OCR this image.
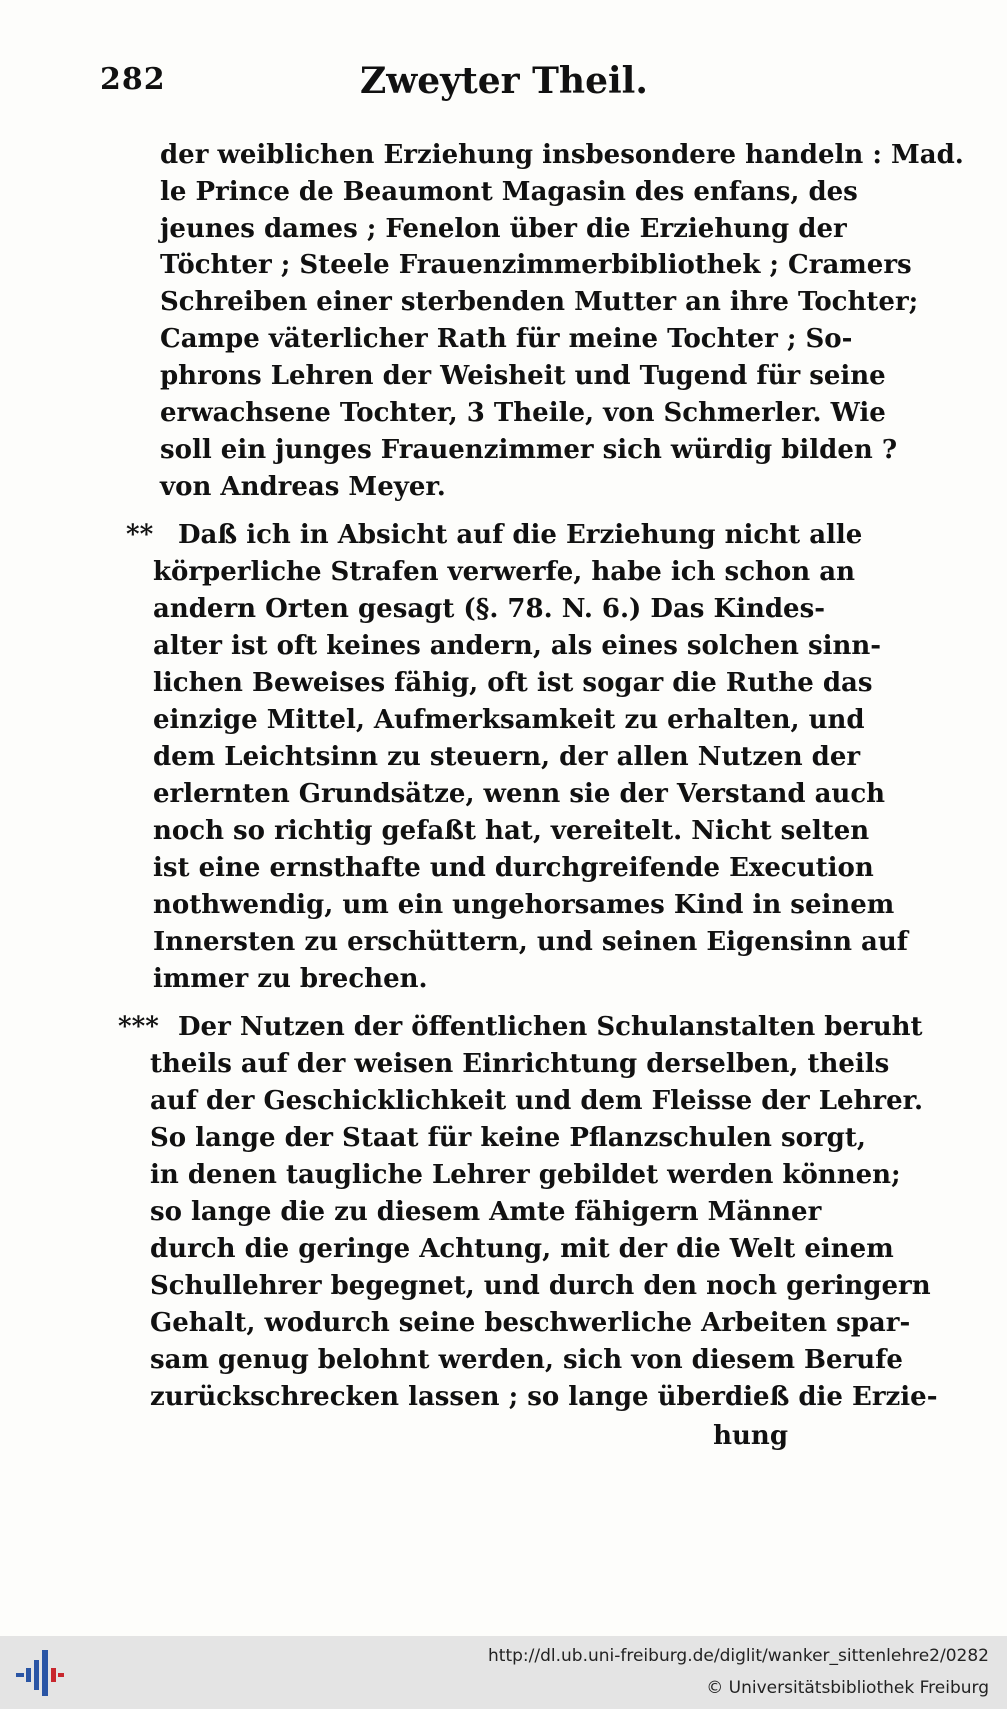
282	Zweyter Theil.
der weiblichen Erziehung insbesondere handeln : Mad.
le Prince de Beaumont Magasin des enfans, des
jeunes dames ; Fenelon über die Erziehung der
Töchter ; Steele Frauenzimmerbibliothek ; Cramers
Schreiben einer sterbenden Mutter an ihre Tochter;
Campe väterlicher Rath für meine Tochter ; So-
phrons Lehren der Weisheit und Tugend für seine
erwachsene Tochter, 3 Theile, von Schmerler. Wie
soll ein junges Frauenzimmer sich würdig bilden ?
von Andreas Meyer.
** Daß ich in Absicht auf die Erziehung nicht alle
körperliche Strafen verwerfe, habe ich schon an
andern Orten gesagt (§. 78. N. 6.) Das Kindes-
alter ist oft keines andern, als eines solchen sinn-
lichen Beweises fähig, oft ist sogar die Ruthe das
einzige Mittel, Aufmerksamkeit zu erhalten, und
dem Leichtsinn zu steuern, der allen Nutzen der
erlernten Grundsätze, wenn sie der Verstand auch
noch so richtig gefaßt hat, vereitelt. Nicht selten
ist eine ernsthafte und durchgreifende Execution
nothwendig, um ein ungehorsames Kind in seinem
Innersten zu erschüttern, und seinen Eigensinn auf
immer zu brechen.
*** Der Nutzen der öffentlichen Schulanstalten beruht
theils auf der weisen Einrichtung derselben, theils
auf der Geschicklichkeit und dem Fleisse der Lehrer.
So lange der Staat für keine Pflanzschulen sorgt,
in denen taugliche Lehrer gebildet werden können;
so lange die zu diesem Amte fähigern Männer
durch die geringe Achtung, mit der die Welt einem
Schullehrer begegnet, und durch den noch geringern
Gehalt, wodurch seine beschwerliche Arbeiten spar-
sam genug belohnt werden, sich von diesem Berufe
zurückschrecken lassen ; so lange überdieß die Erzie-
hung
http://dl.ub.uni-freiburg.de/diglit/wanker_sittenlehre2/0282
© Universitätsbibliothek Freiburg
